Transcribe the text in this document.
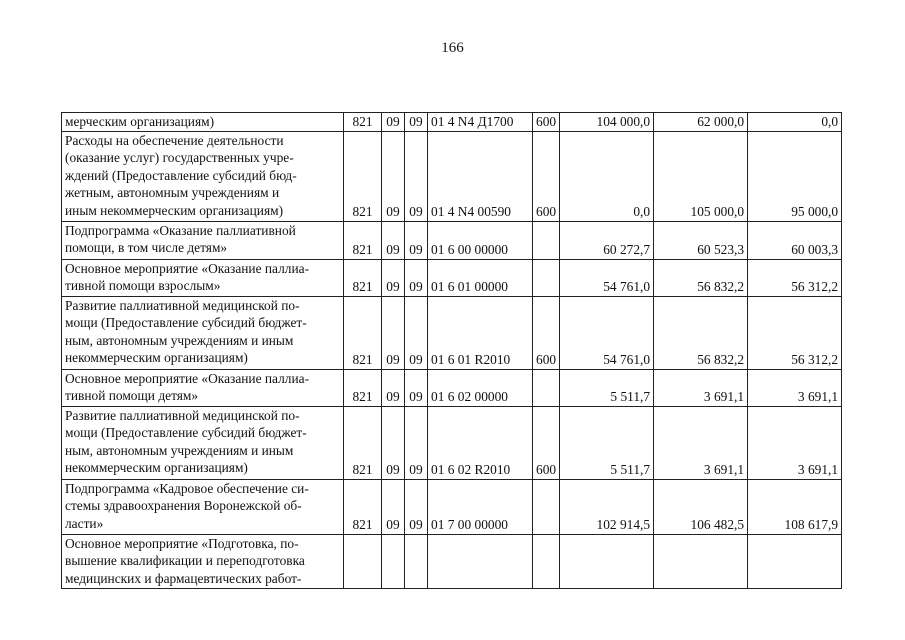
166
мерческим организациям)	821	09	09	01 4 N4 Д1700	600	104 000,0	62 000,0	0,0

Расходы на обеспечение деятельности
(оказание услуг) государственных учре-
ждений (Предоставление субсидий бюд-
жетным, автономным учреждениям и
иным некоммерческим организациям)	821	09	09	01 4 N4 00590	600	0,0	105 000,0	95 000,0

Подпрограмма «Оказание паллиативной
помощи, в том числе детям»	821	09	09	01 6 00 00000		60 272,7	60 523,3	60 003,3

Основное мероприятие «Оказание паллиа-
тивной помощи взрослым»	821	09	09	01 6 01 00000		54 761,0	56 832,2	56 312,2

Развитие паллиативной медицинской по-
мощи (Предоставление субсидий бюджет-
ным, автономным учреждениям и иным
некоммерческим организациям)	821	09	09	01 6 01 R2010	600	54 761,0	56 832,2	56 312,2

Основное мероприятие «Оказание паллиа-
тивной помощи детям»	821	09	09	01 6 02 00000		5 511,7	3 691,1	3 691,1

Развитие паллиативной медицинской по-
мощи (Предоставление субсидий бюджет-
ным, автономным учреждениям и иным
некоммерческим организациям)	821	09	09	01 6 02 R2010	600	5 511,7	3 691,1	3 691,1

Подпрограмма «Кадровое обеспечение си-
стемы здравоохранения Воронежской об-
ласти»	821	09	09	01 7 00 00000		102 914,5	106 482,5	108 617,9

Основное мероприятие «Подготовка, по-
вышение квалификации и переподготовка
медицинских и фармацевтических работ-								
